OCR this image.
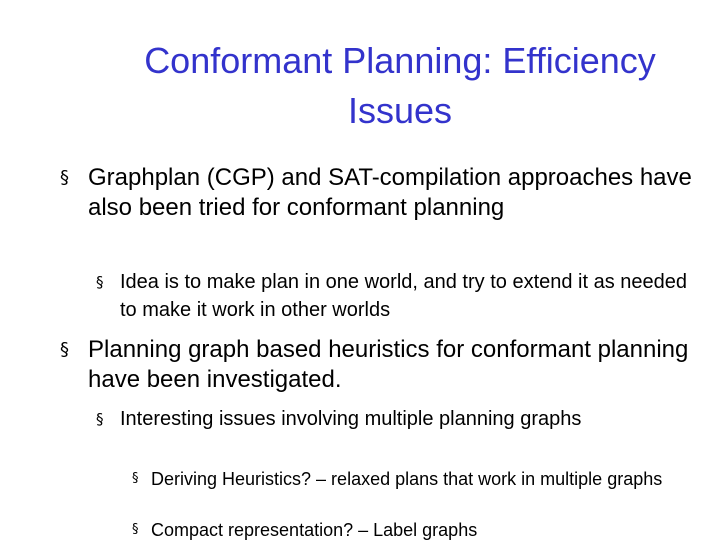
Conformant Planning: Efficiency
Issues
§ Graphplan (CGP) and SAT-compilation approaches have also been tried for conformant planning
§ Idea is to make plan in one world, and try to extend it as needed to make it work in other worlds
§ Planning graph based heuristics for conformant planning have been investigated.
§ Interesting issues involving multiple planning graphs
§ Deriving Heuristics? – relaxed plans that work in multiple graphs
§ Compact representation? – Label graphs
